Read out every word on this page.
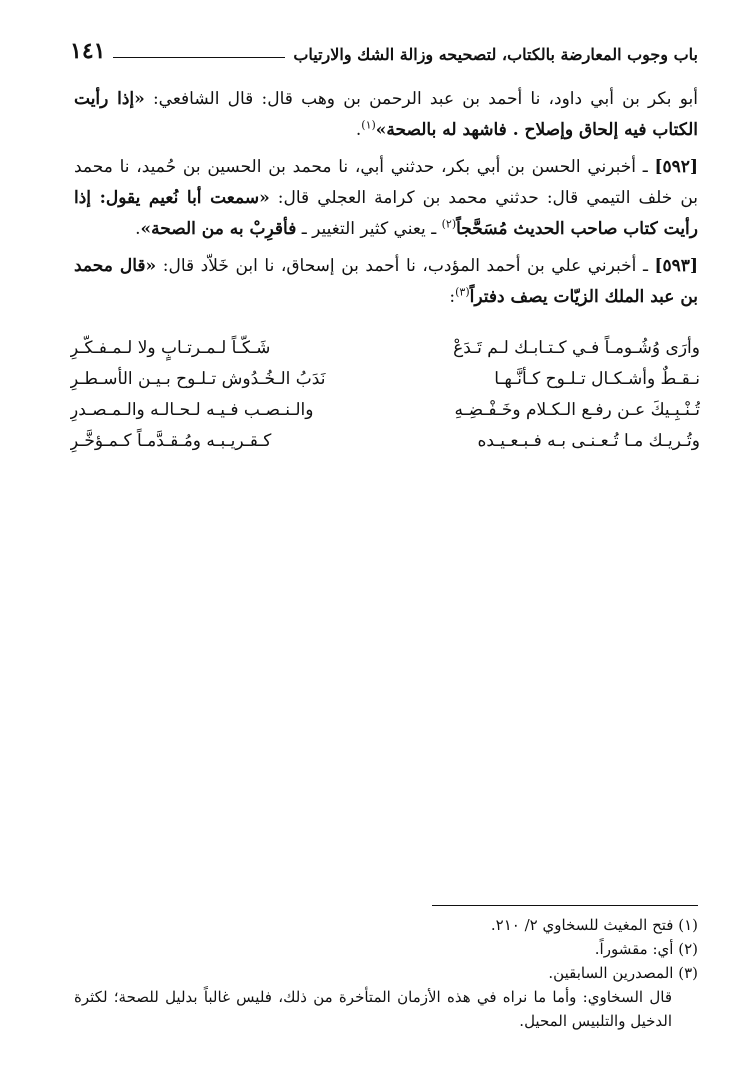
باب وجوب المعارضة بالكتاب، لتصحيحه وزالة الشك والارتياب
١٤١

أبو بكر بن أبي داود، نا أحمد بن عبد الرحمن بن وهب قال: قال الشافعي: «إذا رأيت الكتاب فيه إلحاق وإصلاح . فاشهد له بالصحة»$^{(١)}$.

[٥٩٢] ـ أخبرني الحسن بن أبي بكر، حدثني أبي، نا محمد بن الحسين بن حُميد، نا محمد بن خلف التيمي قال: حدثني محمد بن كرامة العجلي قال: «سمعت أبا نُعيم يقول: إذا رأيت كتاب صاحب الحديث مُسَحَّجاً$^{(٢)}$ ـ يعني كثير التغيير ـ فأقرِبْ به من الصحة».

[٥٩٣] ـ أخبرني علي بن أحمد المؤدب، نا أحمد بن إسحاق، نا ابن خَلاّد قال: «قال محمد بن عبد الملك الزيّات يصف دفتراً$^{(٣)}$:

وأرَى وُشُـومـاً فـي كـتـابـك لـم تَـدَعْ
شَـكّـاً لـمـرتـابٍ ولا لـمـفـكّـرِ
نـقـطٌ وأشـكـال تـلـوح كـأنَّـهـا
نَدَبُ الـخُـدُوش تـلـوح بـيـن الأسـطـرِ
تُـنْـبِـيكَ عـن رفـع الـكـلام وخَـفْـضِـهِ
والـنـصـب فـيـه لـحـالـه والـمـصـدرِ
وتُـريـك مـا تُـعـنـى بـه فـبـعـيـده
كـقـريـبـه ومُـقـدَّمـاً كـمـؤخَّـرِ

(١) فتح المغيث للسخاوي ٢/ ٢١٠.

(٢) أي: مقشوراً.

(٣) المصدرين السابقين.

قال السخاوي: وأما ما نراه في هذه الأزمان المتأخرة من ذلك، فليس غالباً بدليل للصحة؛ لكثرة الدخيل والتلبيس المحيل.
